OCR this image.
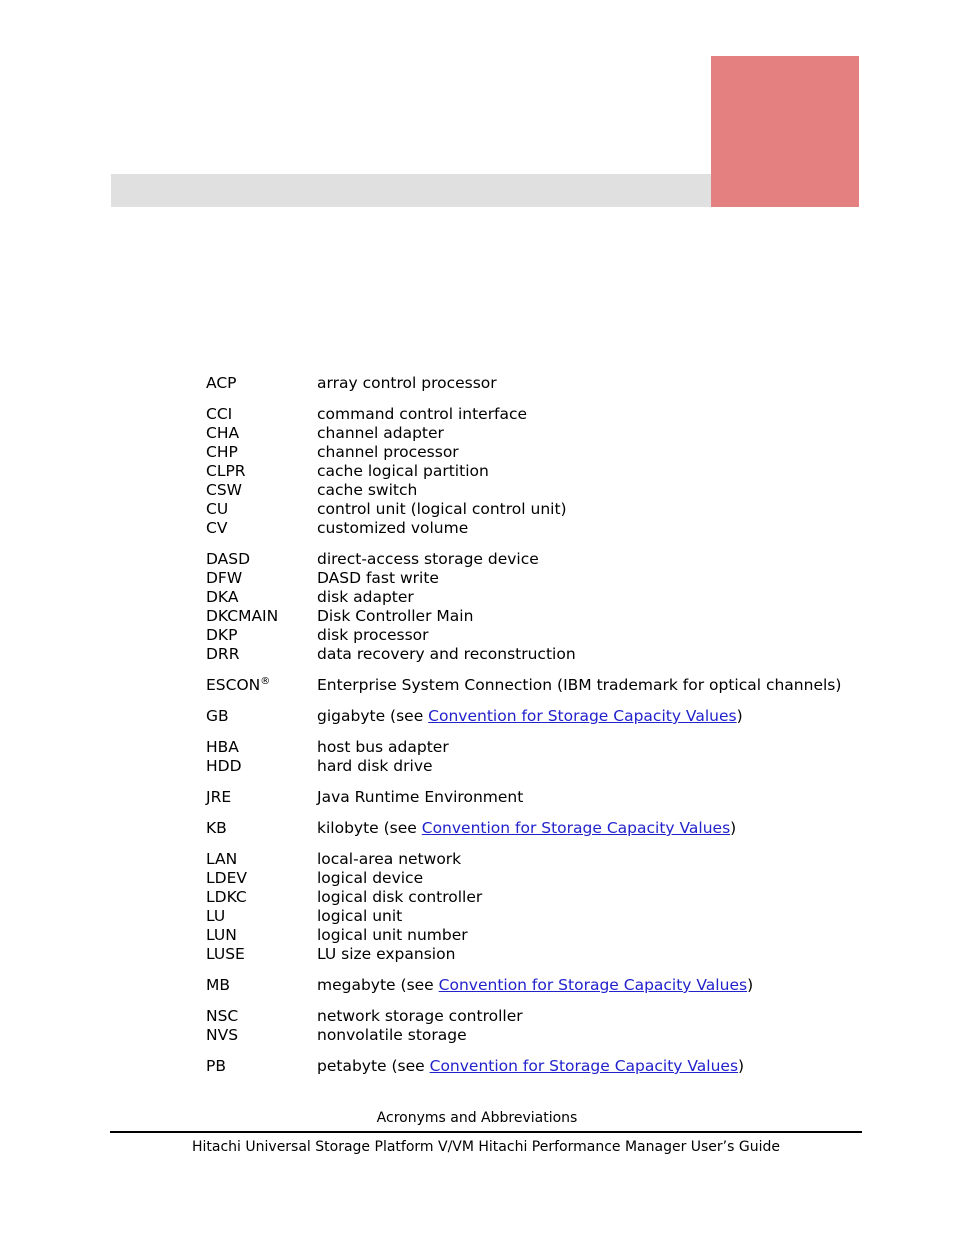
ACP	array control processor
CCI	command control interface
CHA	channel adapter
CHP	channel processor
CLPR	cache logical partition
CSW	cache switch
CU	control unit (logical control unit)
CV	customized volume
DASD	direct-access storage device
DFW	DASD fast write
DKA	disk adapter
DKCMAIN	Disk Controller Main
DKP	disk processor
DRR	data recovery and reconstruction
ESCON®	Enterprise System Connection (IBM trademark for optical channels)
GB	gigabyte (see Convention for Storage Capacity Values)
HBA	host bus adapter
HDD	hard disk drive
JRE	Java Runtime Environment
KB	kilobyte (see Convention for Storage Capacity Values)
LAN	local-area network
LDEV	logical device
LDKC	logical disk controller
LU	logical unit
LUN	logical unit number
LUSE	LU size expansion
MB	megabyte (see Convention for Storage Capacity Values)
NSC	network storage controller
NVS	nonvolatile storage
PB	petabyte (see Convention for Storage Capacity Values)
Acronyms and Abbreviations
Hitachi Universal Storage Platform V/VM Hitachi Performance Manager User’s Guide
